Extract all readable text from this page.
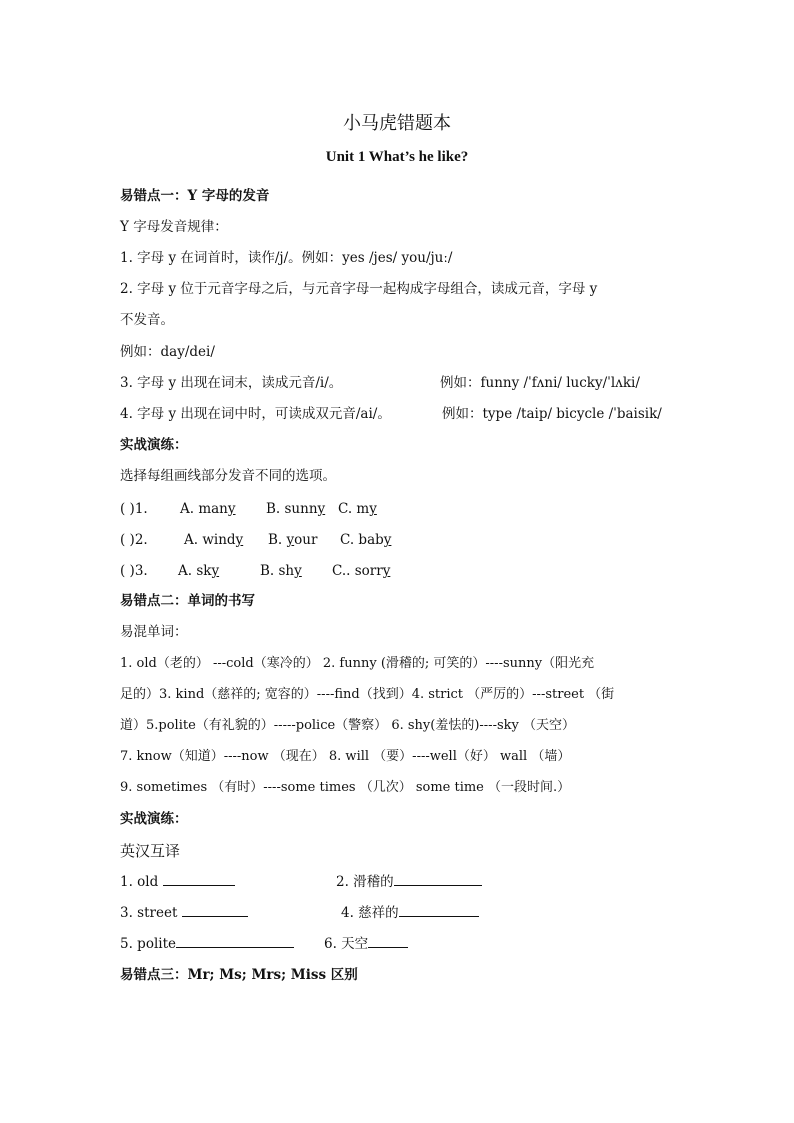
小马虎错题本
Unit 1 What’s he like?
易错点一：Y 字母的发音
Y 字母发音规律：
1. 字母 y 在词首时，读作/j/。例如：yes /jes/ you/juː/
2. 字母 y 位于元音字母之后，与元音字母一起构成字母组合，读成元音，字母 y
不发音。
例如：day/dei/
3. 字母 y 出现在词末，读成元音/i/。	例如：funny /ˈfʌni/ lucky/ˈlʌki/
4. 字母 y 出现在词中时，可读成双元音/ai/。	例如：type /taip/ bicycle /ˈbaisik/
实战演练：
选择每组画线部分发音不同的选项。
( )1. A. many B. sunny C. my
( )2.	A. windy B. your C. baby
( )3. A. sky	B. shy C.. sorry
易错点二：单词的书写
易混单词：
1. old（老的） ---cold（寒冷的） 2. funny (滑稽的; 可笑的）----sunny（阳光充
足的）3. kind（慈祥的; 宽容的）----find（找到）4. strict （严厉的）---street （街
道）5.polite（有礼貌的）-----police（警察） 6. shy(羞怯的)----sky （天空）
7. know（知道）----now （现在） 8. will （要）----well（好） wall （墙）
9. sometimes （有时）----some times （几次） some time （一段时间.）
实战演练：
英汉互译
1. old	2. 滑稽的
3. street	4. 慈祥的
5. polite	6. 天空
易错点三：Mr; Ms; Mrs; Miss 区别
